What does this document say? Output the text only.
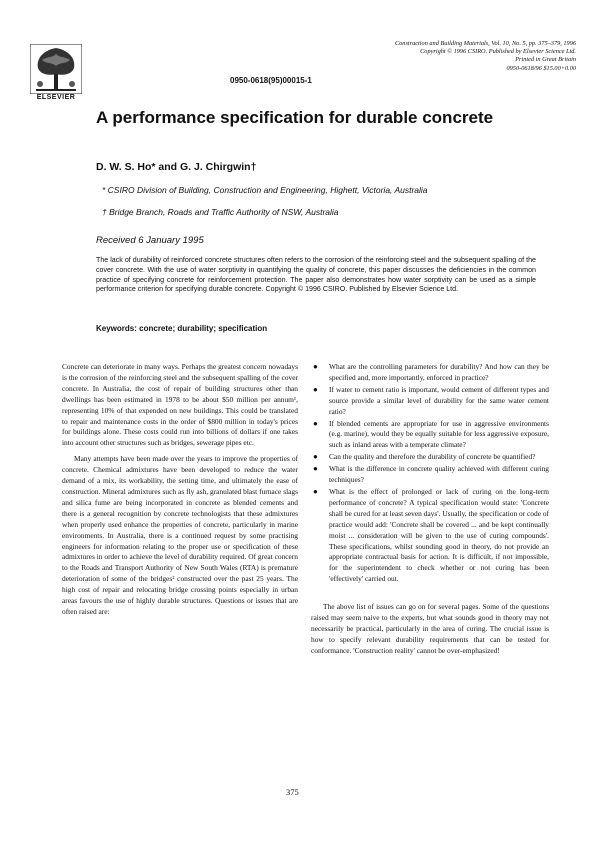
ELSEVIER
Construction and Building Materials, Vol. 10, No. 5, pp. 375–379, 1996
Copyright © 1996 CSIRO. Published by Elsevier Science Ltd.
Printed in Great Britain
0950-0618/96 $15.00+0.00
0950-0618(95)00015-1
A performance specification for durable concrete
D. W. S. Ho* and G. J. Chirgwin†
* CSIRO Division of Building, Construction and Engineering, Highett, Victoria, Australia
† Bridge Branch, Roads and Traffic Authority of NSW, Australia
Received 6 January 1995
The lack of durability of reinforced concrete structures often refers to the corrosion of the reinforcing steel and the subsequent spalling of the cover concrete. With the use of water sorptivity in quantifying the quality of concrete, this paper discusses the deficiencies in the common practice of specifying concrete for reinforcement protection. The paper also demonstrates how water sorptivity can be used as a simple performance criterion for specifying durable concrete. Copyright © 1996 CSIRO. Published by Elsevier Science Ltd.
Keywords: concrete; durability; specification

Concrete can deteriorate in many ways. Perhaps the greatest concern nowadays is the corrosion of the reinforcing steel and the subsequent spalling of the cover concrete. In Australia, the cost of repair of building structures other than dwellings has been estimated in 1978 to be about $50 million per annum¹, representing 10% of that expended on new buildings. This could be translated to repair and maintenance costs in the order of $800 million in today's prices for buildings alone. These costs could run into billions of dollars if one takes into account other structures such as bridges, sewerage pipes etc.

Many attempts have been made over the years to improve the properties of concrete. Chemical admixtures have been developed to reduce the water demand of a mix, its workability, the setting time, and ultimately the ease of construction. Mineral admixtures such as fly ash, granulated blast furnace slags and silica fume are being incorporated in concrete as blended cements and there is a general recognition by concrete technologists that these admixtures when properly used enhance the properties of concrete, particularly in marine environments. In Australia, there is a continued request by some practising engineers for information relating to the proper use or specification of these admixtures in order to achieve the level of durability required. Of great concern to the Roads and Transport Authority of New South Wales (RTA) is premature deterioration of some of the bridges² constructed over the past 25 years. The high cost of repair and relocating bridge crossing points especially in urban areas favours the use of highly durable structures. Questions or issues that are often raised are:

● What are the controlling parameters for durability? And how can they be specified and, more importantly, enforced in practice?
● If water to cement ratio is important, would cement of different types and source provide a similar level of durability for the same water cement ratio?
● If blended cements are appropriate for use in aggressive environments (e.g. marine), would they be equally suitable for less aggressive exposure, such as inland areas with a temperate climate?
● Can the quality and therefore the durability of concrete be quantified?
● What is the difference in concrete quality achieved with different curing techniques?
● What is the effect of prolonged or lack of curing on the long-term performance of concrete? A typical specification would state: 'Concrete shall be cured for at least seven days'. Usually, the specification or code of practice would add: 'Concrete shall be covered ... and be kept continually moist ... consideration will be given to the use of curing compounds'. These specifications, whilst sounding good in theory, do not provide an appropriate contractual basis for action. It is difficult, if not impossible, for the superintendent to check whether or not curing has been 'effectively' carried out.

The above list of issues can go on for several pages. Some of the questions raised may seem naive to the experts, but what sounds good in theory may not necessarily be practical, particularly in the area of curing. The crucial issue is how to specify relevant durability requirements that can be tested for conformance. 'Construction reality' cannot be over-emphasized!

375
